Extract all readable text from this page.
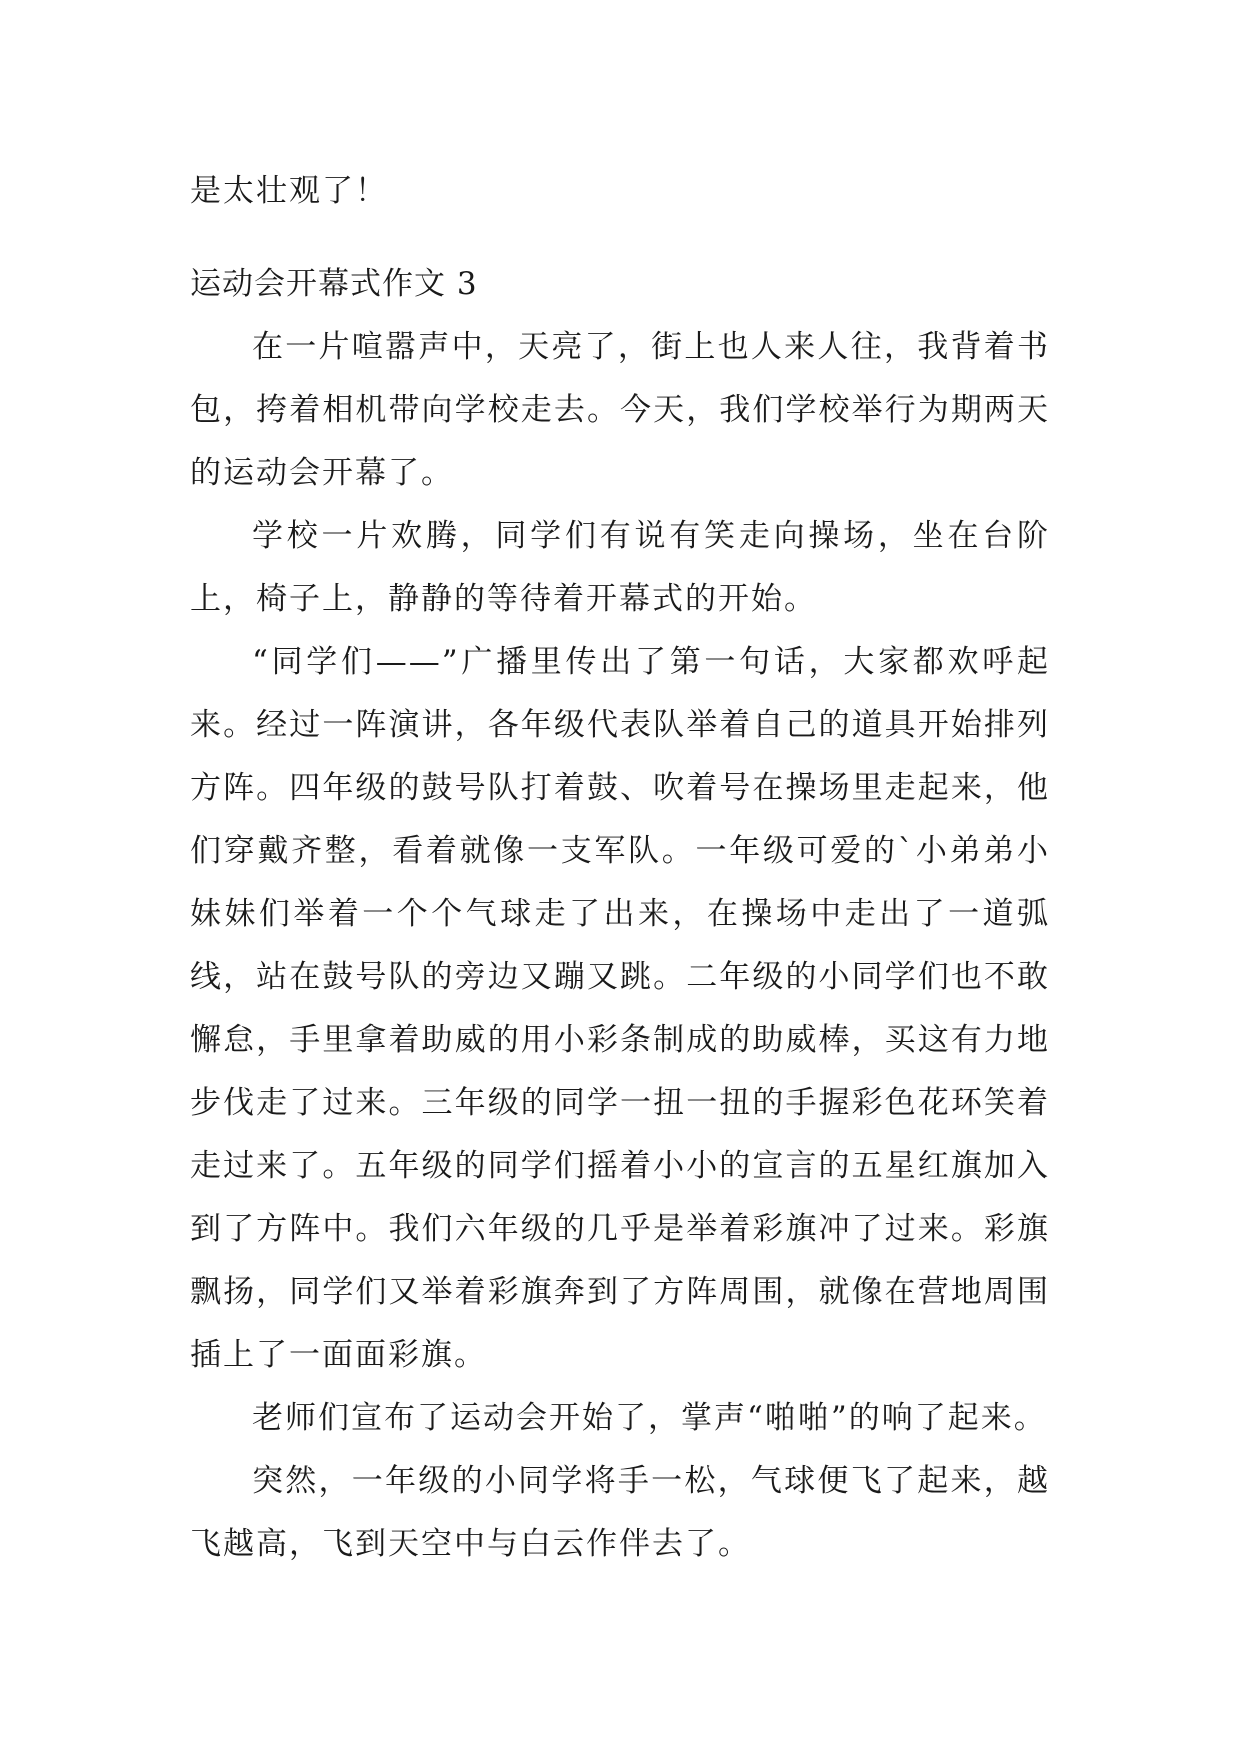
是太壮观了！

运动会开幕式作文 3

在一片喧嚣声中，天亮了，街上也人来人往，我背着书包，挎着相机带向学校走去。今天，我们学校举行为期两天的运动会开幕了。

学校一片欢腾，同学们有说有笑走向操场，坐在台阶上，椅子上，静静的等待着开幕式的开始。

“同学们——”广播里传出了第一句话，大家都欢呼起来。经过一阵演讲，各年级代表队举着自己的道具开始排列方阵。四年级的鼓号队打着鼓、吹着号在操场里走起来，他们穿戴齐整，看着就像一支军队。一年级可爱的`小弟弟小妹妹们举着一个个气球走了出来，在操场中走出了一道弧线，站在鼓号队的旁边又蹦又跳。二年级的小同学们也不敢懈怠，手里拿着助威的用小彩条制成的助威棒，买这有力地步伐走了过来。三年级的同学一扭一扭的手握彩色花环笑着走过来了。五年级的同学们摇着小小的宣言的五星红旗加入到了方阵中。我们六年级的几乎是举着彩旗冲了过来。彩旗飘扬，同学们又举着彩旗奔到了方阵周围，就像在营地周围插上了一面面彩旗。

老师们宣布了运动会开始了，掌声“啪啪”的响了起来。

突然，一年级的小同学将手一松，气球便飞了起来，越飞越高，飞到天空中与白云作伴去了。
